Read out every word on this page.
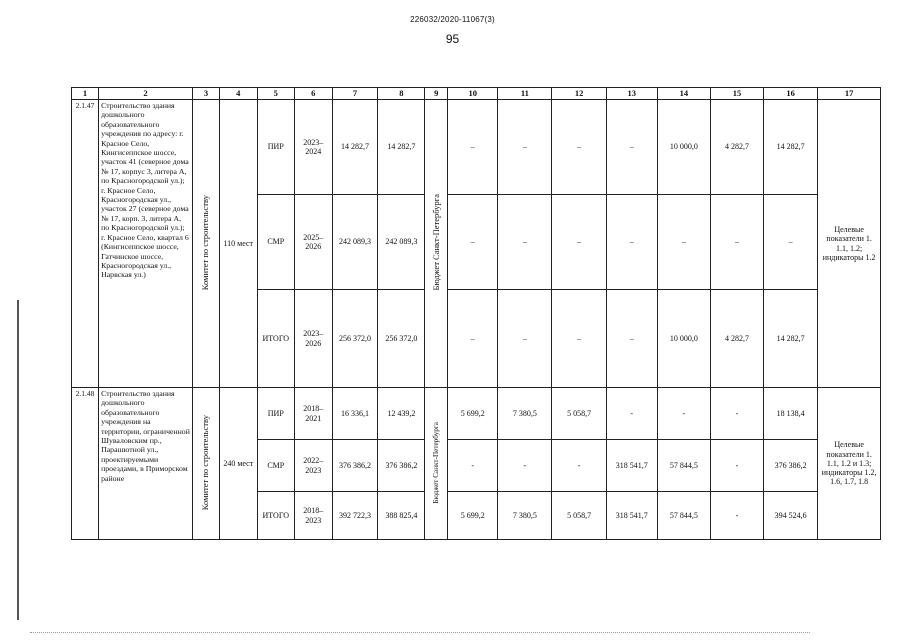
226032/2020-11067(3)
95
1	2	3	4	5	6	7	8	9	10	11	12	13	14	15	16	17
2.1.47	Строительство здания дошкольного образовательного учреждения по адресу: г. Красное Село, Кингисеппское шоссе, участок 41 (северное дома № 17, корпус 3, литера А, по Красногородской ул.); г. Красное Село, Красногородская ул., участок 27 (северное дома № 17, корп. 3, литера А, по Красногородской ул.); г. Красное Село, квартал 6 (Кингисеппское шоссе, Гатчинское шоссе, Красногородская ул., Нарвская ул.)	Комитет по строительству	110 мест	ПИР	2023–2024	14 282,7	14 282,7	Бюджет Санкт-Петербурга	–	–	–	–	10 000,0	4 282,7	14 282,7	Целевые показатели 1. 1.1, 1.2; индикаторы 1.2
				СМР	2025–2026	242 089,3	242 089,3		–	–	–	–	–	–	–	
				ИТОГО	2023–2026	256 372,0	256 372,0		–	–	–	–	10 000,0	4 282,7	14 282,7	
2.1.48	Строительство здания дошкольного образовательного учреждения на территории, ограниченной Шуваловским пр., Парашютной ул., проектируемыми проездами, в Приморском районе	Комитет по строительству	240 мест	ПИР	2018–2021	16 336,1	12 439,2	Бюджет Санкт-Петербурга	5 699,2	7 380,5	5 058,7	-	-	-	18 138,4	Целевые показатели 1. 1.1, 1.2 и 1.3; индикаторы 1.2, 1.6, 1.7, 1.8
				СМР	2022–2023	376 386,2	376 386,2		-	-	-	318 541,7	57 844,5	-	376 386,2	
				ИТОГО	2018–2023	392 722,3	388 825,4		5 699,2	7 380,5	5 058,7	318 541,7	57 844,5	-	394 524,6	
